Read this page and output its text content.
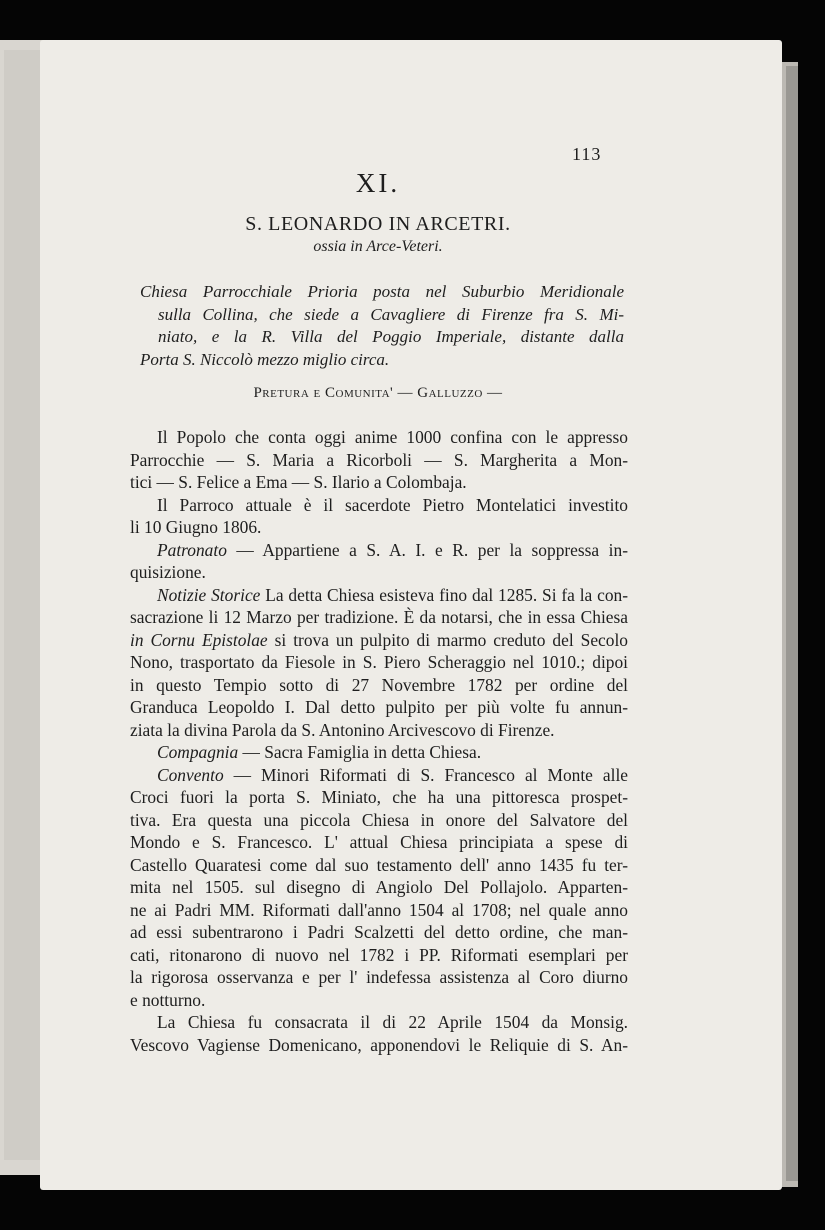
113
XI.
S. LEONARDO IN ARCETRI.
ossia in Arce-Veteri.
Chiesa Parrocchiale Prioria posta nel Suburbio Meridionale
sulla Collina, che siede a Cavagliere di Firenze fra S. Mi-
niato, e la R. Villa del Poggio Imperiale, distante dalla
Porta S. Niccolò mezzo miglio circa.
Pretura e Comunita' — Galluzzo —
Il Popolo che conta oggi anime 1000 confina con le appresso
Parrocchie — S. Maria a Ricorboli — S. Margherita a Mon-
tici — S. Felice a Ema — S. Ilario a Colombaja.
Il Parroco attuale è il sacerdote Pietro Montelatici investito
li 10 Giugno 1806.
Patronato — Appartiene a S. A. I. e R. per la soppressa in-
quisizione.
Notizie Storice La detta Chiesa esisteva fino dal 1285. Si fa la con-
sacrazione li 12 Marzo per tradizione. È da notarsi, che in essa Chiesa
in Cornu Epistolae si trova un pulpito di marmo creduto del Secolo
Nono, trasportato da Fiesole in S. Piero Scheraggio nel 1010.; dipoi
in questo Tempio sotto di 27 Novembre 1782 per ordine del
Granduca Leopoldo I. Dal detto pulpito per più volte fu annun-
ziata la divina Parola da S. Antonino Arcivescovo di Firenze.
Compagnia — Sacra Famiglia in detta Chiesa.
Convento — Minori Riformati di S. Francesco al Monte alle
Croci fuori la porta S. Miniato, che ha una pittoresca prospet-
tiva. Era questa una piccola Chiesa in onore del Salvatore del
Mondo e S. Francesco. L' attual Chiesa principiata a spese di
Castello Quaratesi come dal suo testamento dell' anno 1435 fu ter-
mita nel 1505. sul disegno di Angiolo Del Pollajolo. Apparten-
ne ai Padri MM. Riformati dall'anno 1504 al 1708; nel quale anno
ad essi subentrarono i Padri Scalzetti del detto ordine, che man-
cati, ritonarono di nuovo nel 1782 i PP. Riformati esemplari per
la rigorosa osservanza e per l' indefessa assistenza al Coro diurno
e notturno.
La Chiesa fu consacrata il di 22 Aprile 1504 da Monsig.
Vescovo Vagiense Domenicano, apponendovi le Reliquie di S. An-
